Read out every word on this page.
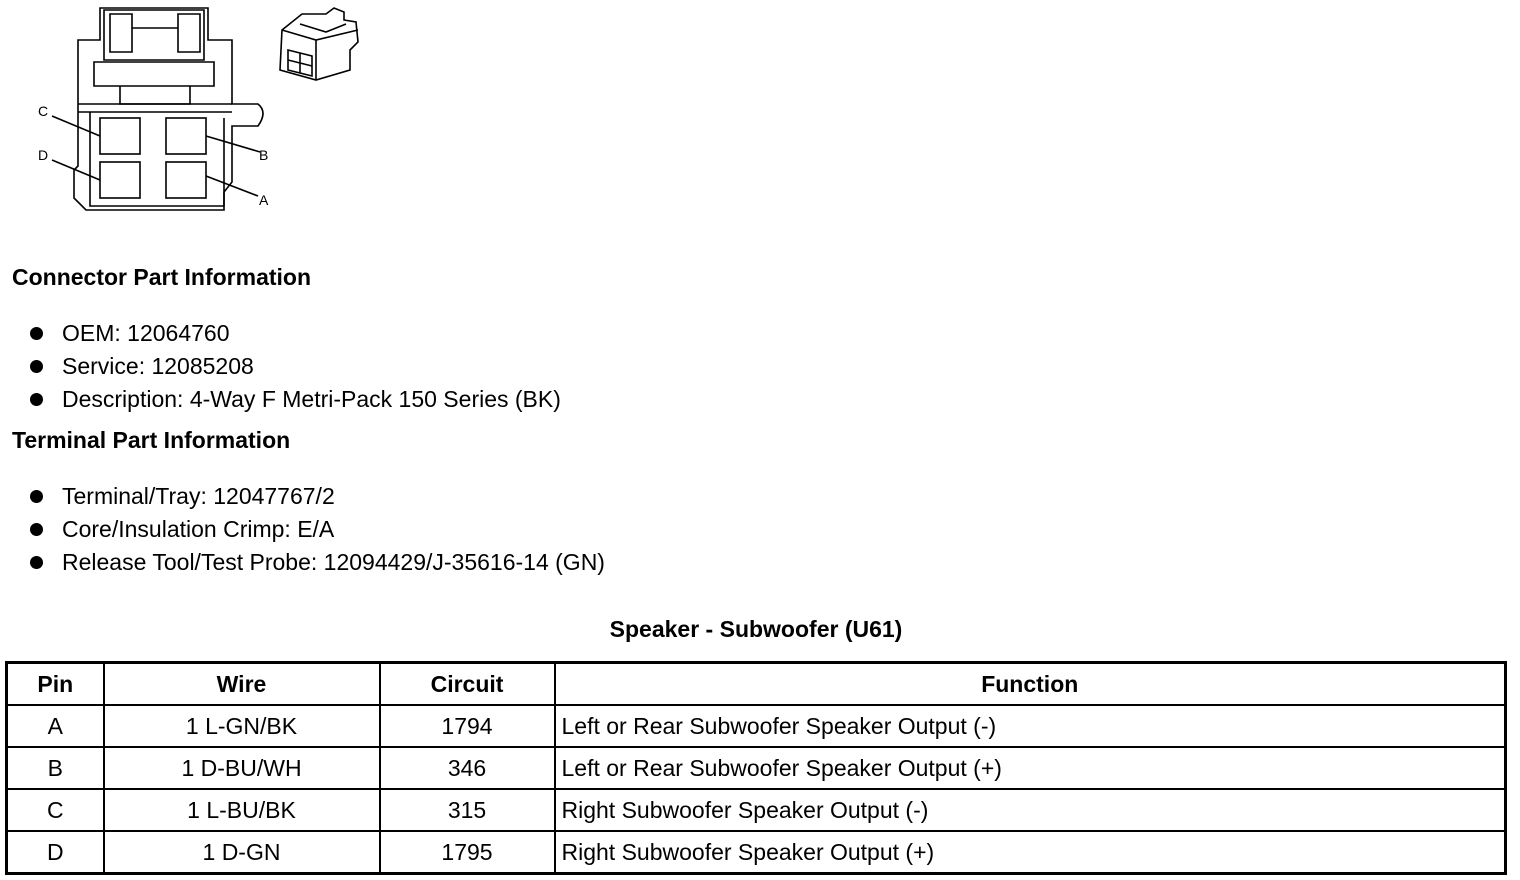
C
D	B
A
Connector Part Information
OEM: 12064760
Service: 12085208
Description: 4-Way F Metri-Pack 150 Series (BK)
Terminal Part Information
Terminal/Tray: 12047767/2
Core/Insulation Crimp: E/A
Release Tool/Test Probe: 12094429/J-35616-14 (GN)
Speaker - Subwoofer (U61)
Pin	Wire	Circuit	Function
A	1 L-GN/BK	1794	Left or Rear Subwoofer Speaker Output (-)
B	1 D-BU/WH	346	Left or Rear Subwoofer Speaker Output (+)
C	1 L-BU/BK	315	Right Subwoofer Speaker Output (-)
D	1 D-GN	1795	Right Subwoofer Speaker Output (+)
